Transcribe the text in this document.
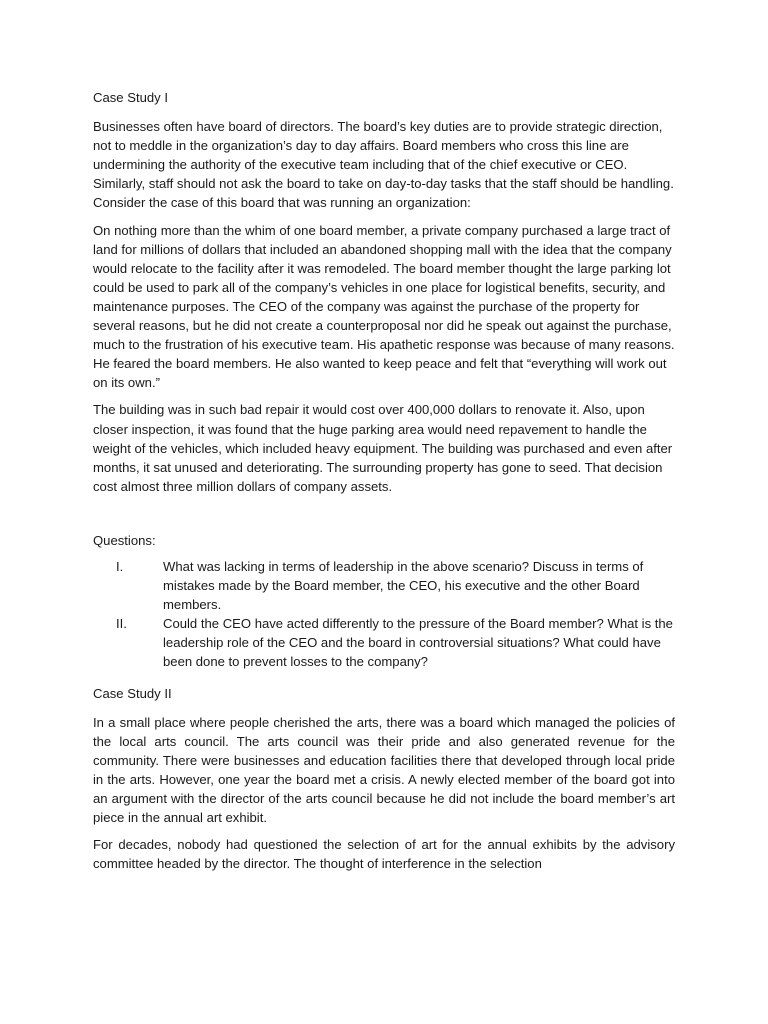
Case Study I
Businesses often have board of directors. The board’s key duties are to provide strategic direction, not to meddle in the organization’s day to day affairs. Board members who cross this line are undermining the authority of the executive team including that of the chief executive or CEO. Similarly, staff should not ask the board to take on day-to-day tasks that the staff should be handling. Consider the case of this board that was running an organization:
On nothing more than the whim of one board member, a private company purchased a large tract of land for millions of dollars that included an abandoned shopping mall with the idea that the company would relocate to the facility after it was remodeled. The board member thought the large parking lot could be used to park all of the company’s vehicles in one place for logistical benefits, security, and maintenance purposes. The CEO of the company was against the purchase of the property for several reasons, but he did not create a counterproposal nor did he speak out against the purchase, much to the frustration of his executive team. His apathetic response was because of many reasons. He feared the board members. He also wanted to keep peace and felt that “everything will work out on its own.”
The building was in such bad repair it would cost over 400,000 dollars to renovate it. Also, upon closer inspection, it was found that the huge parking area would need repavement to handle the weight of the vehicles, which included heavy equipment. The building was purchased and even after months, it sat unused and deteriorating. The surrounding property has gone to seed. That decision cost almost three million dollars of company assets.
Questions:
I.	What was lacking in terms of leadership in the above scenario? Discuss in terms of mistakes made by the Board member, the CEO, his executive and the other Board members.
II.	Could the CEO have acted differently to the pressure of the Board member? What is the leadership role of the CEO and the board in controversial situations? What could have been done to prevent losses to the company?
Case Study II
In a small place where people cherished the arts, there was a board which managed the policies of the local arts council. The arts council was their pride and also generated revenue for the community. There were businesses and education facilities there that developed through local pride in the arts. However, one year the board met a crisis. A newly elected member of the board got into an argument with the director of the arts council because he did not include the board member’s art piece in the annual art exhibit.
For decades, nobody had questioned the selection of art for the annual exhibits by the advisory committee headed by the director. The thought of interference in the selection
